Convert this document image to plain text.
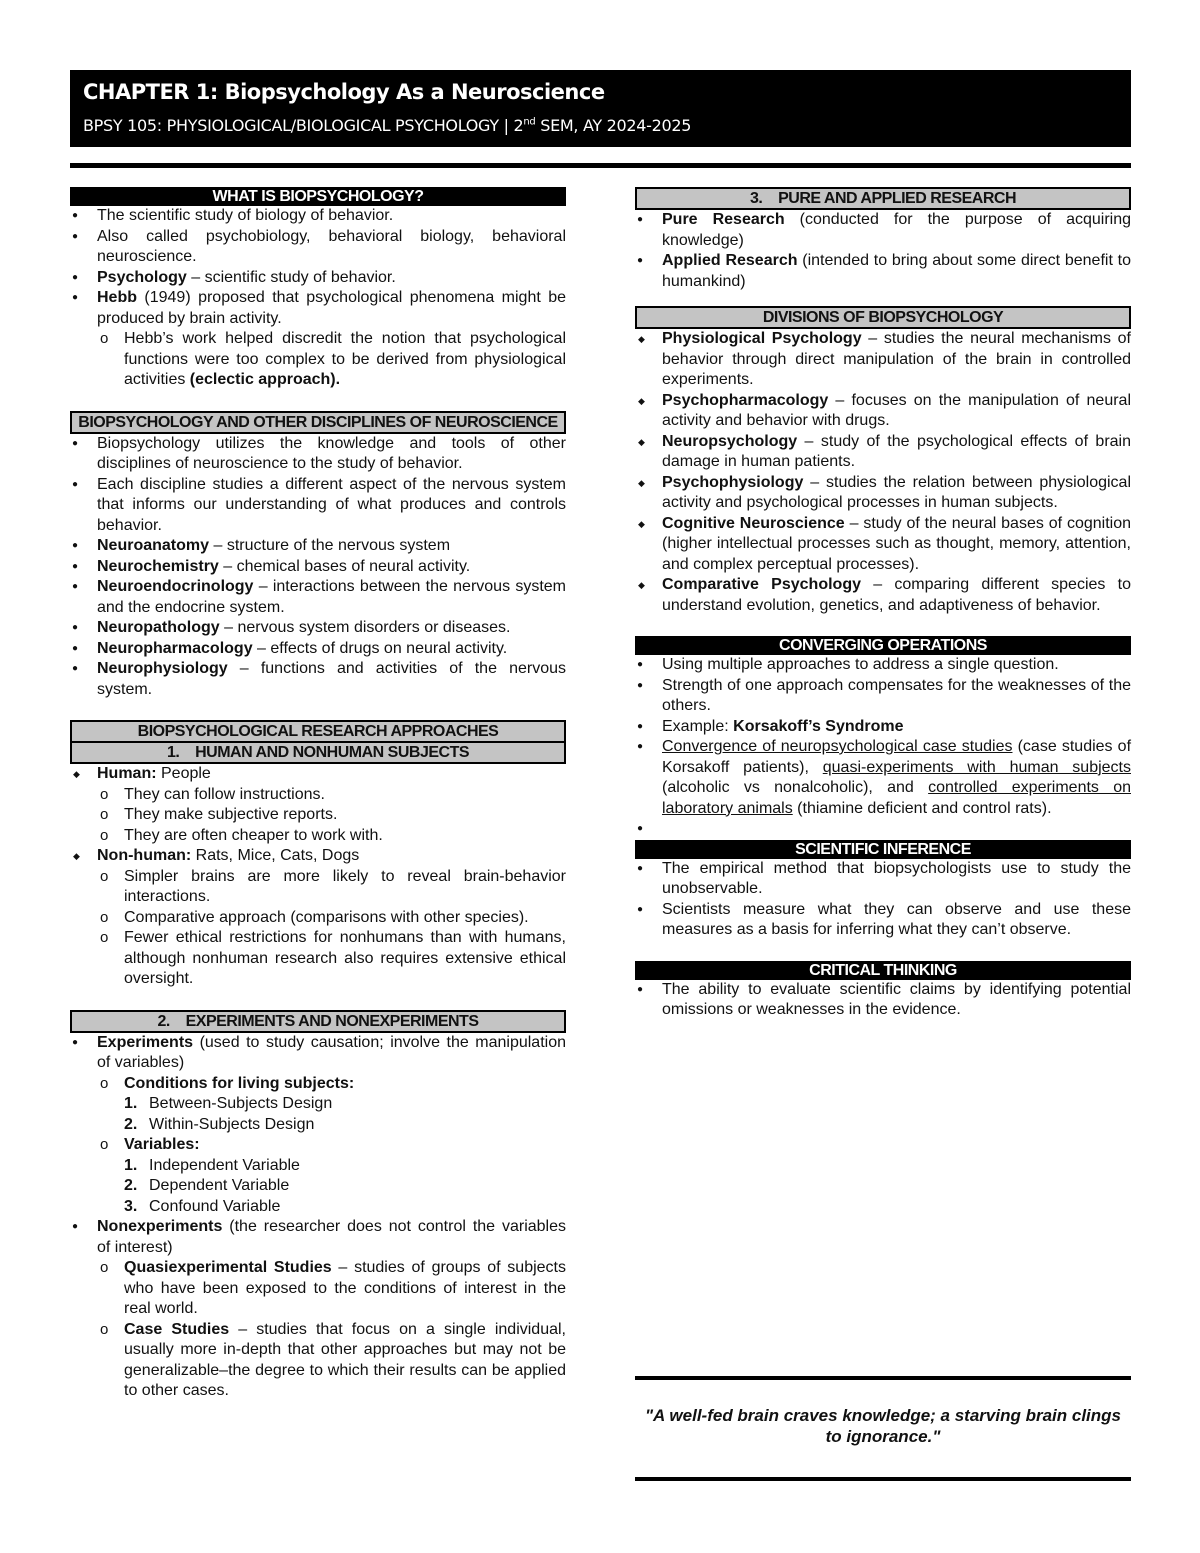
CHAPTER 1: Biopsychology As a Neuroscience
BPSY 105: PHYSIOLOGICAL/BIOLOGICAL PSYCHOLOGY | 2nd SEM, AY 2024-2025
WHAT IS BIOPSYCHOLOGY?
● The scientific study of biology of behavior.
● Also called psychobiology, behavioral biology, behavioral neuroscience.
● Psychology – scientific study of behavior.
● Hebb (1949) proposed that psychological phenomena might be produced by brain activity.
o Hebb’s work helped discredit the notion that psychological functions were too complex to be derived from physiological activities (eclectic approach).
BIOPSYCHOLOGY AND OTHER DISCIPLINES OF NEUROSCIENCE
● Biopsychology utilizes the knowledge and tools of other disciplines of neuroscience to the study of behavior.
● Each discipline studies a different aspect of the nervous system that informs our understanding of what produces and controls behavior.
● Neuroanatomy – structure of the nervous system
● Neurochemistry – chemical bases of neural activity.
● Neuroendocrinology – interactions between the nervous system and the endocrine system.
● Neuropathology – nervous system disorders or diseases.
● Neuropharmacology – effects of drugs on neural activity.
● Neurophysiology – functions and activities of the nervous system.
BIOPSYCHOLOGICAL RESEARCH APPROACHES
1.    HUMAN AND NONHUMAN SUBJECTS
◆ Human: People
o They can follow instructions.
o They make subjective reports.
o They are often cheaper to work with.
◆ Non-human: Rats, Mice, Cats, Dogs
o Simpler brains are more likely to reveal brain-behavior interactions.
o Comparative approach (comparisons with other species).
o Fewer ethical restrictions for nonhumans than with humans, although nonhuman research also requires extensive ethical oversight.
2.    EXPERIMENTS AND NONEXPERIMENTS
● Experiments (used to study causation; involve the manipulation of variables)
o Conditions for living subjects:
1. Between-Subjects Design
2. Within-Subjects Design
o Variables:
1. Independent Variable
2. Dependent Variable
3. Confound Variable
● Nonexperiments (the researcher does not control the variables of interest)
o Quasiexperimental Studies – studies of groups of subjects who have been exposed to the conditions of interest in the real world.
o Case Studies – studies that focus on a single individual, usually more in-depth that other approaches but may not be generalizable–the degree to which their results can be applied to other cases.
3.    PURE AND APPLIED RESEARCH
● Pure Research (conducted for the purpose of acquiring knowledge)
● Applied Research (intended to bring about some direct benefit to humankind)
DIVISIONS OF BIOPSYCHOLOGY
◆ Physiological Psychology – studies the neural mechanisms of behavior through direct manipulation of the brain in controlled experiments.
◆ Psychopharmacology – focuses on the manipulation of neural activity and behavior with drugs.
◆ Neuropsychology – study of the psychological effects of brain damage in human patients.
◆ Psychophysiology – studies the relation between physiological activity and psychological processes in human subjects.
◆ Cognitive Neuroscience – study of the neural bases of cognition (higher intellectual processes such as thought, memory, attention, and complex perceptual processes).
◆ Comparative Psychology – comparing different species to understand evolution, genetics, and adaptiveness of behavior.
CONVERGING OPERATIONS
● Using multiple approaches to address a single question.
● Strength of one approach compensates for the weaknesses of the others.
● Example: Korsakoff’s Syndrome
● Convergence of neuropsychological case studies (case studies of Korsakoff patients), quasi-experiments with human subjects (alcoholic vs nonalcoholic), and controlled experiments on laboratory animals (thiamine deficient and control rats).
●
SCIENTIFIC INFERENCE
● The empirical method that biopsychologists use to study the unobservable.
● Scientists measure what they can observe and use these measures as a basis for inferring what they can’t observe.
CRITICAL THINKING
● The ability to evaluate scientific claims by identifying potential omissions or weaknesses in the evidence.
"A well-fed brain craves knowledge; a starving brain clings to ignorance."
